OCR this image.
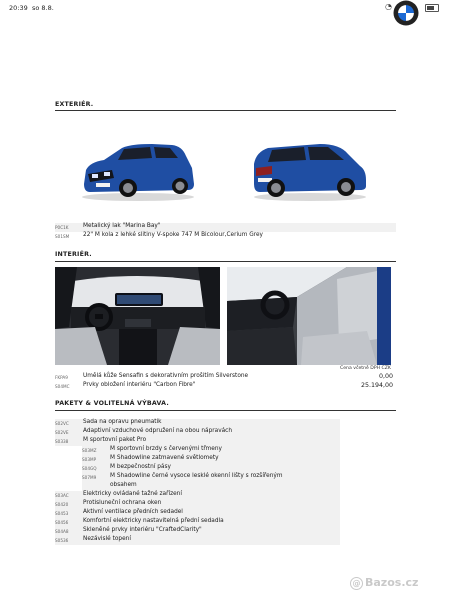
20:39 so 8.8.	◔
EXTERIÉR.
P0C1K Metalický lak "Marina Bay"
S01SM 22" M kola z lehké slitiny V-spoke 747 M Bicolour,Cerium Grey
INTERIÉR.
Cena včetně DPH CZK
FKPA9	Umělá kůže Sensafin s dekorativním prošitím Silverstone	0,00
S04MC Prvky obložení interiéru "Carbon Fibre"	25.194,00
PAKETY & VOLITELNÁ VÝBAVA.
S02VC Sada na opravu pneumatik
S02VE	Adaptivní vzduchové odpružení na obou nápravách
S0338	M sportovní paket Pro
S03MZ M sportovní brzdy s červenými třmeny
S03MP M Shadowline zatmavené světlomety
S04GQ M bezpečnostní pásy
S07M9 M Shadowline černé vysoce lesklé okenní lišty s rozšířeným
obsahem
S03AC Elektricky ovládané tažné zařízení
S0420	Protisluneční ochrana oken
S0453	Aktivní ventilace předních sedadel
S0456	Komfortní elektricky nastavitelná přední sedadla
S04A8 Skleněné prvky interiéru "CraftedClarity"
S0536	Nezávislé topení
@ Bazos.cz
